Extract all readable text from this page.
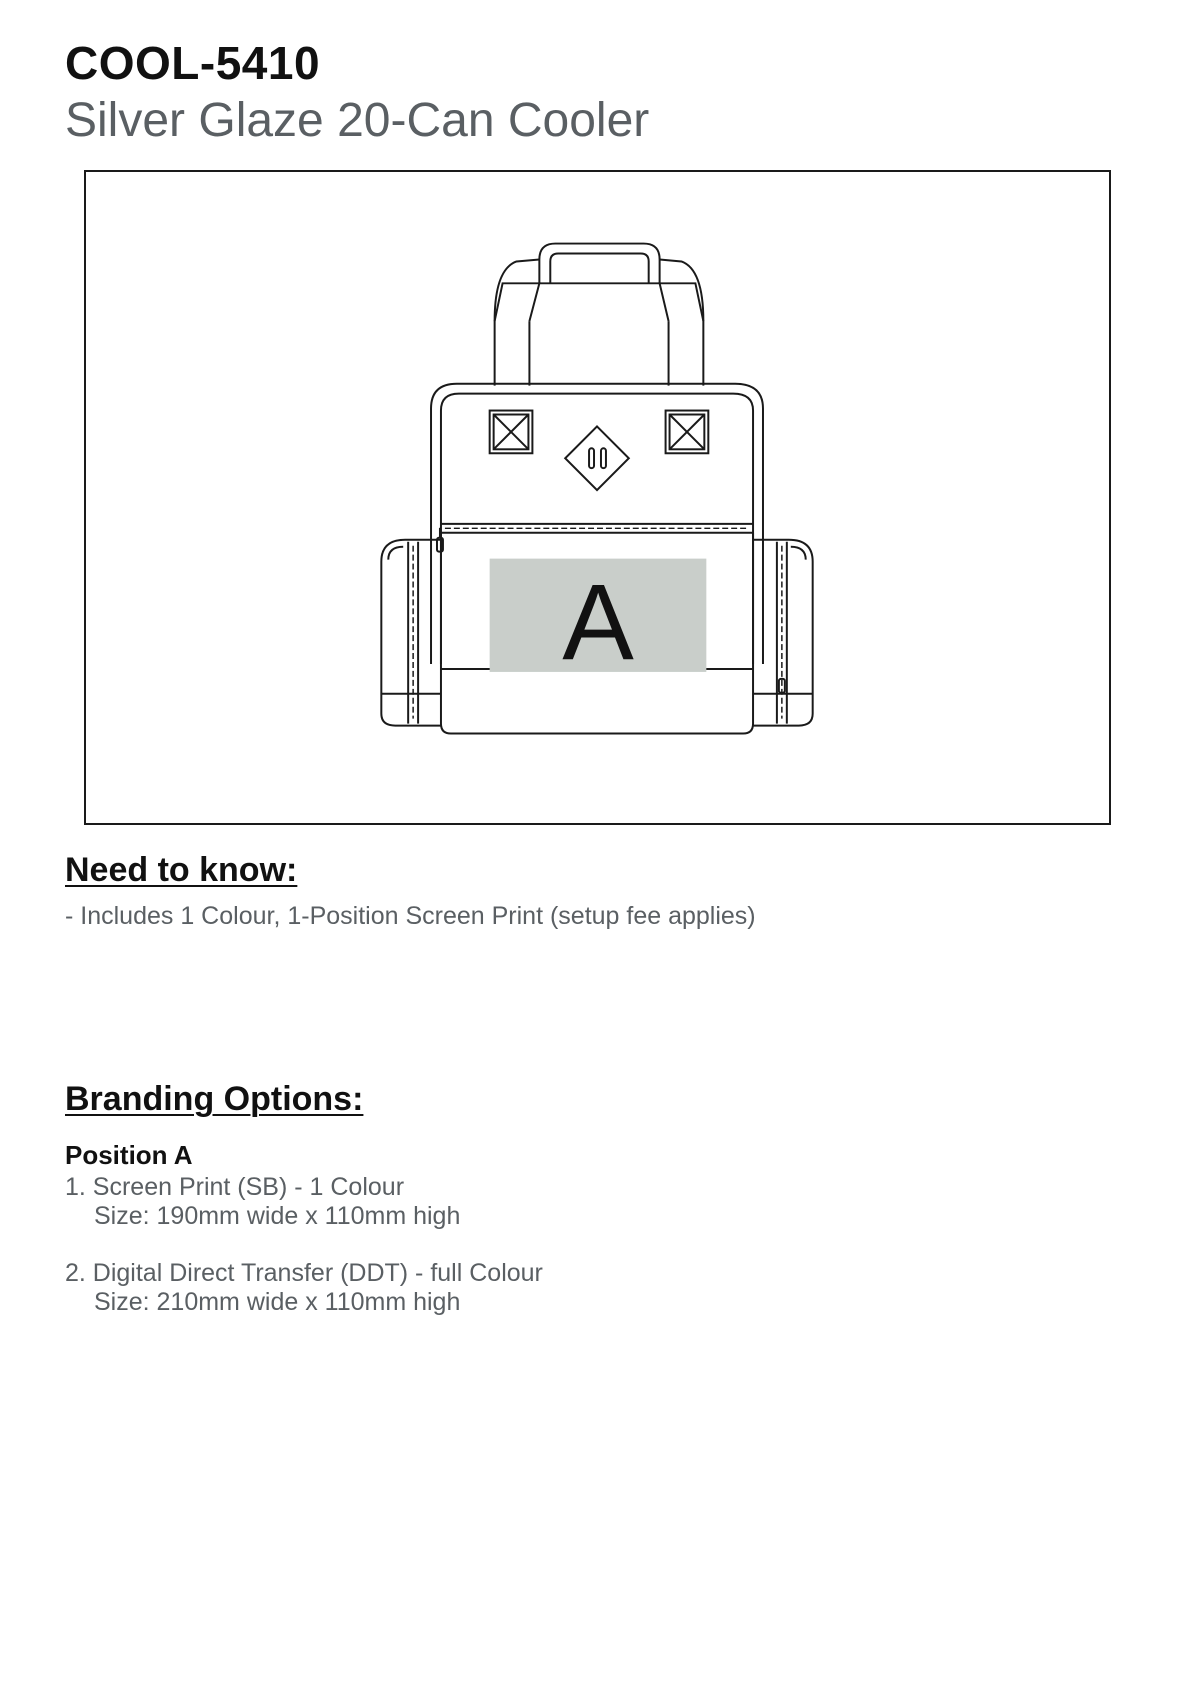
COOL-5410
Silver Glaze 20-Can Cooler
A
Need to know:
- Includes 1 Colour, 1-Position Screen Print (setup fee applies)
Branding Options:
Position A
1. Screen Print (SB) - 1 Colour
Size: 190mm wide x 110mm high
2. Digital Direct Transfer (DDT) - full Colour
Size: 210mm wide x 110mm high
